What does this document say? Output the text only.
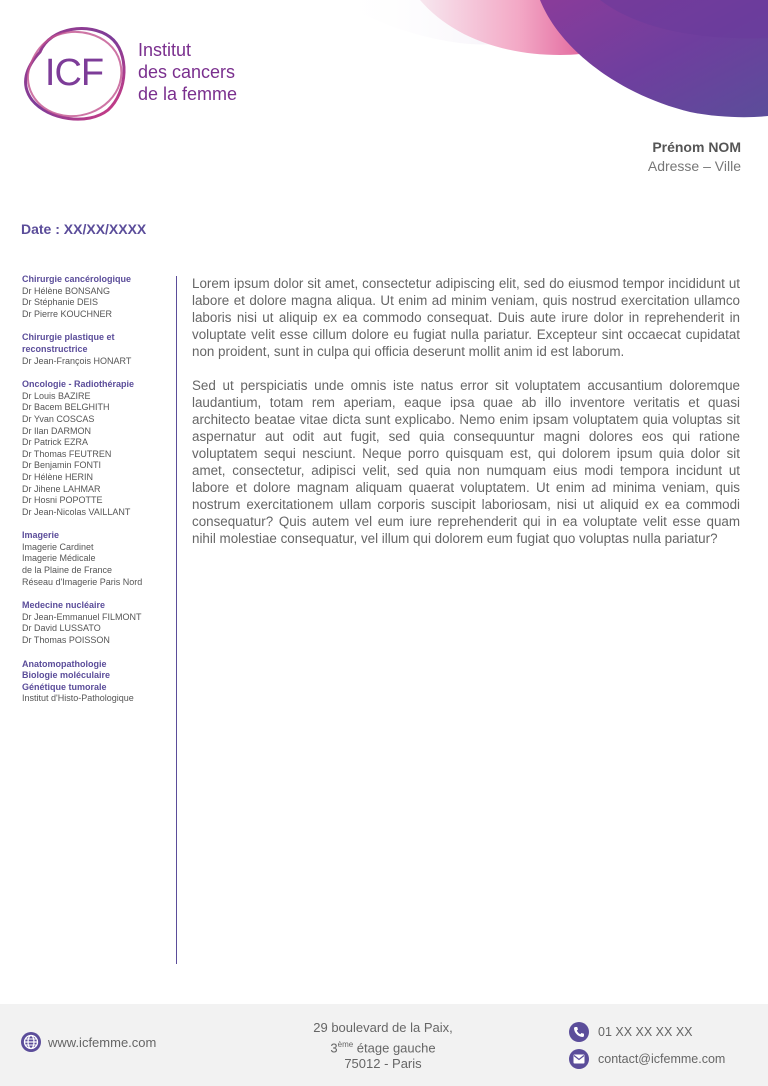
ICF
Institut
des cancers
de la femme
Prénom NOM
Adresse – Ville
Date : XX/XX/XXXX
Chirurgie cancérologique
Dr Hélène BONSANG
Dr Stéphanie DEIS
Dr Pierre KOUCHNER
Chirurgie plastique et
reconstructrice
Dr Jean-François HONART
Oncologie - Radiothérapie
Dr Louis BAZIRE
Dr Bacem BELGHITH
Dr Yvan COSCAS
Dr Ilan DARMON
Dr Patrick EZRA
Dr Thomas FEUTREN
Dr Benjamin FONTI
Dr Hélène HERIN
Dr Jihene LAHMAR
Dr Hosni POPOTTE
Dr Jean-Nicolas VAILLANT
Imagerie
Imagerie Cardinet
Imagerie Médicale
de la Plaine de France
Réseau d'Imagerie Paris Nord
Medecine nucléaire
Dr Jean-Emmanuel FILMONT
Dr David LUSSATO
Dr Thomas POISSON
Anatomopathologie
Biologie moléculaire
Génétique tumorale
Institut d'Histo-Pathologique

Lorem ipsum dolor sit amet, consectetur adipiscing elit, sed do eiusmod tempor incididunt ut labore et dolore magna aliqua. Ut enim ad minim veniam, quis nostrud exercitation ullamco laboris nisi ut aliquip ex ea commodo consequat. Duis aute irure dolor in reprehenderit in voluptate velit esse cillum dolore eu fugiat nulla pariatur. Excepteur sint occaecat cupidatat non proident, sunt in culpa qui officia deserunt mollit anim id est laborum.

Sed ut perspiciatis unde omnis iste natus error sit voluptatem accusantium doloremque laudantium, totam rem aperiam, eaque ipsa quae ab illo inventore veritatis et quasi architecto beatae vitae dicta sunt explicabo. Nemo enim ipsam voluptatem quia voluptas sit aspernatur aut odit aut fugit, sed quia consequuntur magni dolores eos qui ratione voluptatem sequi nesciunt. Neque porro quisquam est, qui dolorem ipsum quia dolor sit amet, consectetur, adipisci velit, sed quia non numquam eius modi tempora incidunt ut labore et dolore magnam aliquam quaerat voluptatem. Ut enim ad minima veniam, quis nostrum exercitationem ullam corporis suscipit laboriosam, nisi ut aliquid ex ea commodi consequatur? Quis autem vel eum iure reprehenderit qui in ea voluptate velit esse quam nihil molestiae consequatur, vel illum qui dolorem eum fugiat quo voluptas nulla pariatur?

www.icfemme.com
29 boulevard de la Paix,
3ème étage gauche
75012 - Paris
01 XX XX XX XX
contact@icfemme.com
